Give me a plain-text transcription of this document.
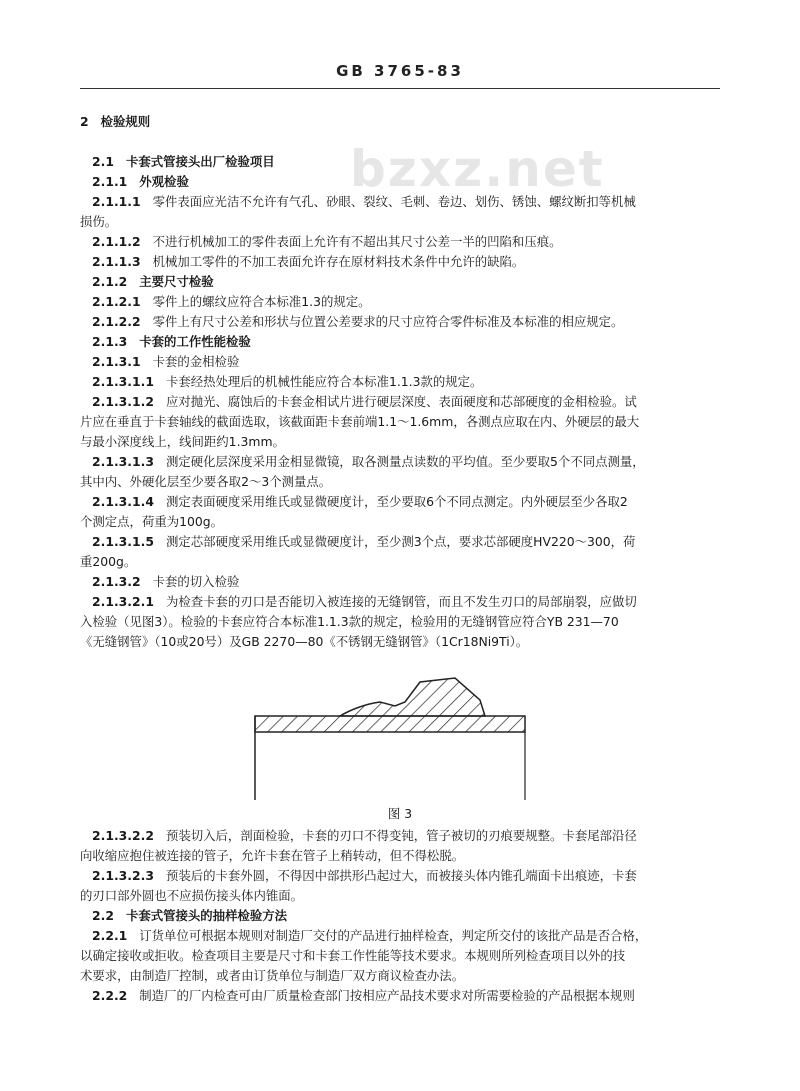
GB 3765-83
bzxz.net
2 检验规则
2.1 卡套式管接头出厂检验项目
2.1.1 外观检验
2.1.1.1 零件表面应光洁不允许有气孔、砂眼、裂纹、毛刺、卷边、划伤、锈蚀、螺纹断扣等机械
损伤。
2.1.1.2 不进行机械加工的零件表面上允许有不超出其尺寸公差一半的凹陷和压痕。
2.1.1.3 机械加工零件的不加工表面允许存在原材料技术条件中允许的缺陷。
2.1.2 主要尺寸检验
2.1.2.1 零件上的螺纹应符合本标准1.3的规定。
2.1.2.2 零件上有尺寸公差和形状与位置公差要求的尺寸应符合零件标准及本标准的相应规定。
2.1.3 卡套的工作性能检验
2.1.3.1 卡套的金相检验
2.1.3.1.1 卡套经热处理后的机械性能应符合本标准1.1.3款的规定。
2.1.3.1.2 应对抛光、腐蚀后的卡套金相试片进行硬层深度、表面硬度和芯部硬度的金相检验。试
片应在垂直于卡套轴线的截面选取，该截面距卡套前端1.1～1.6mm，各测点应取在内、外硬层的最大
与最小深度线上，线间距约1.3mm。
2.1.3.1.3 测定硬化层深度采用金相显微镜，取各测量点读数的平均值。至少要取5个不同点测量，
其中内、外硬化层至少要各取2～3个测量点。
2.1.3.1.4 测定表面硬度采用维氏或显微硬度计，至少要取6个不同点测定。内外硬层至少各取2
个测定点，荷重为100g。
2.1.3.1.5 测定芯部硬度采用维氏或显微硬度计，至少测3个点，要求芯部硬度HV220～300，荷
重200g。
2.1.3.2 卡套的切入检验
2.1.3.2.1 为检查卡套的刃口是否能切入被连接的无缝钢管，而且不发生刃口的局部崩裂，应做切
入检验（见图3）。检验的卡套应符合本标准1.1.3款的规定，检验用的无缝钢管应符合YB 231—70
《无缝钢管》（10或20号）及GB 2270—80《不锈钢无缝钢管》（1Cr18Ni9Ti）。
图 3
2.1.3.2.2 预装切入后，剖面检验，卡套的刃口不得变钝，管子被切的刃痕要规整。卡套尾部沿径
向收缩应抱住被连接的管子，允许卡套在管子上稍转动，但不得松脱。
2.1.3.2.3 预装后的卡套外圆，不得因中部拱形凸起过大，而被接头体内锥孔端面卡出痕迹，卡套
的刃口部外圆也不应损伤接头体内锥面。
2.2 卡套式管接头的抽样检验方法
2.2.1 订货单位可根据本规则对制造厂交付的产品进行抽样检查，判定所交付的该批产品是否合格，
以确定接收或拒收。检查项目主要是尺寸和卡套工作性能等技术要求。本规则所列检查项目以外的技
术要求，由制造厂控制，或者由订货单位与制造厂双方商议检查办法。
2.2.2 制造厂的厂内检查可由厂质量检查部门按相应产品技术要求对所需要检验的产品根据本规则
